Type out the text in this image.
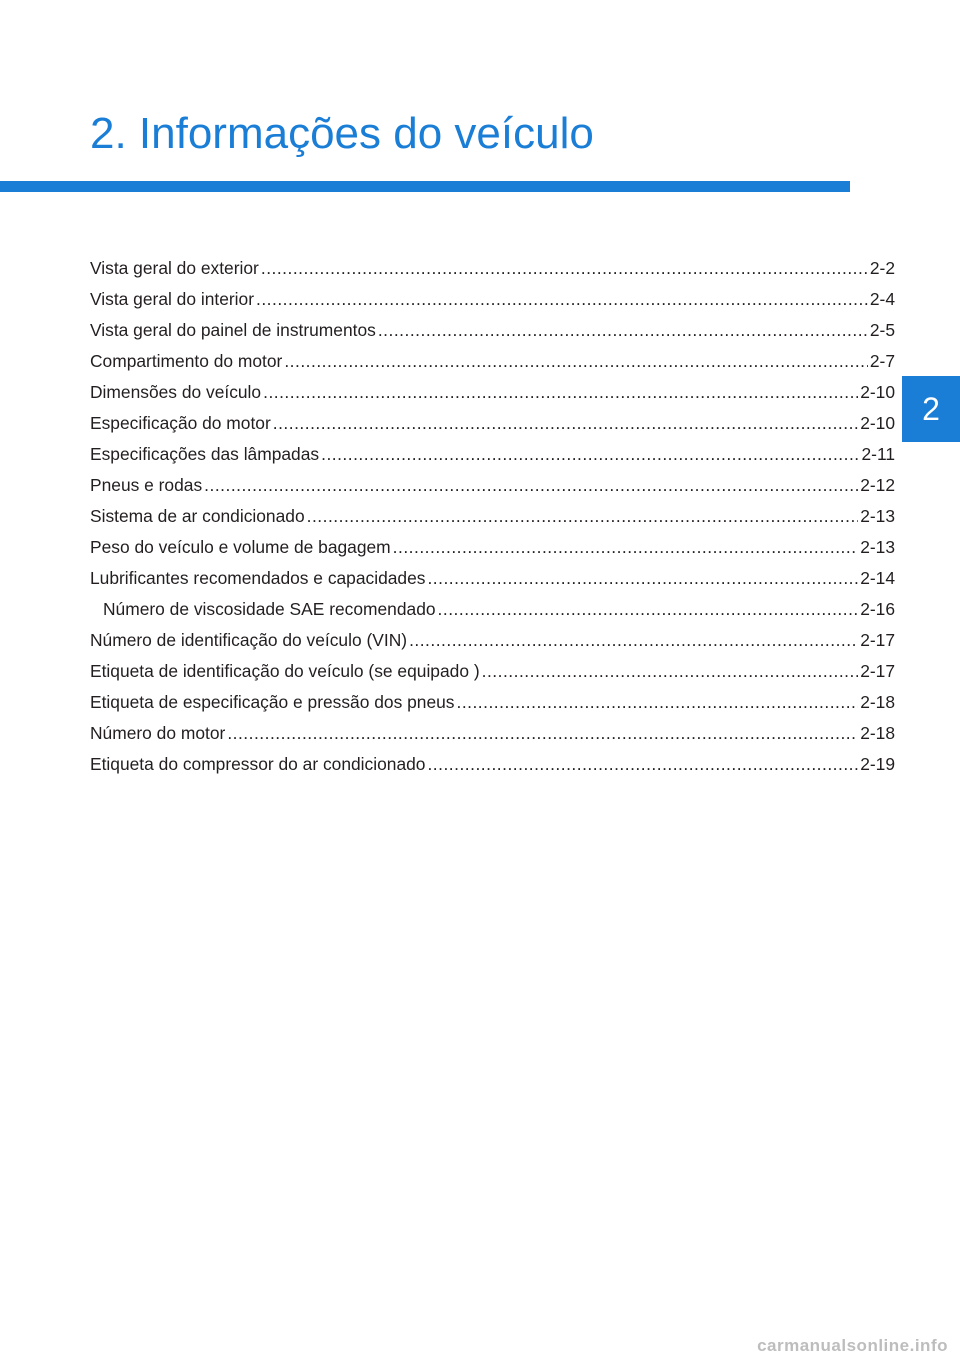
2. Informações do veículo
2
Vista geral do exterior .....	2-2
Vista geral do interior .....	2-4
Vista geral do painel de instrumentos .....	2-5
Compartimento do motor .....	2-7
Dimensões do veículo .....	2-10
Especificação do motor .....	2-10
Especificações das lâmpadas .....	2-11
Pneus e rodas .....	2-12
Sistema de ar condicionado .....	2-13
Peso do veículo e volume de bagagem .....	2-13
Lubrificantes recomendados e capacidades .....	2-14
Número de viscosidade SAE recomendado .....	2-16
Número de identificação do veículo (VIN) .....	2-17
Etiqueta de identificação do veículo (se equipado ) .....	2-17
Etiqueta de especificação e pressão dos pneus .....	2-18
Número do motor .....	2-18
Etiqueta do compressor do ar condicionado .....	2-19
carmanualsonline.info
